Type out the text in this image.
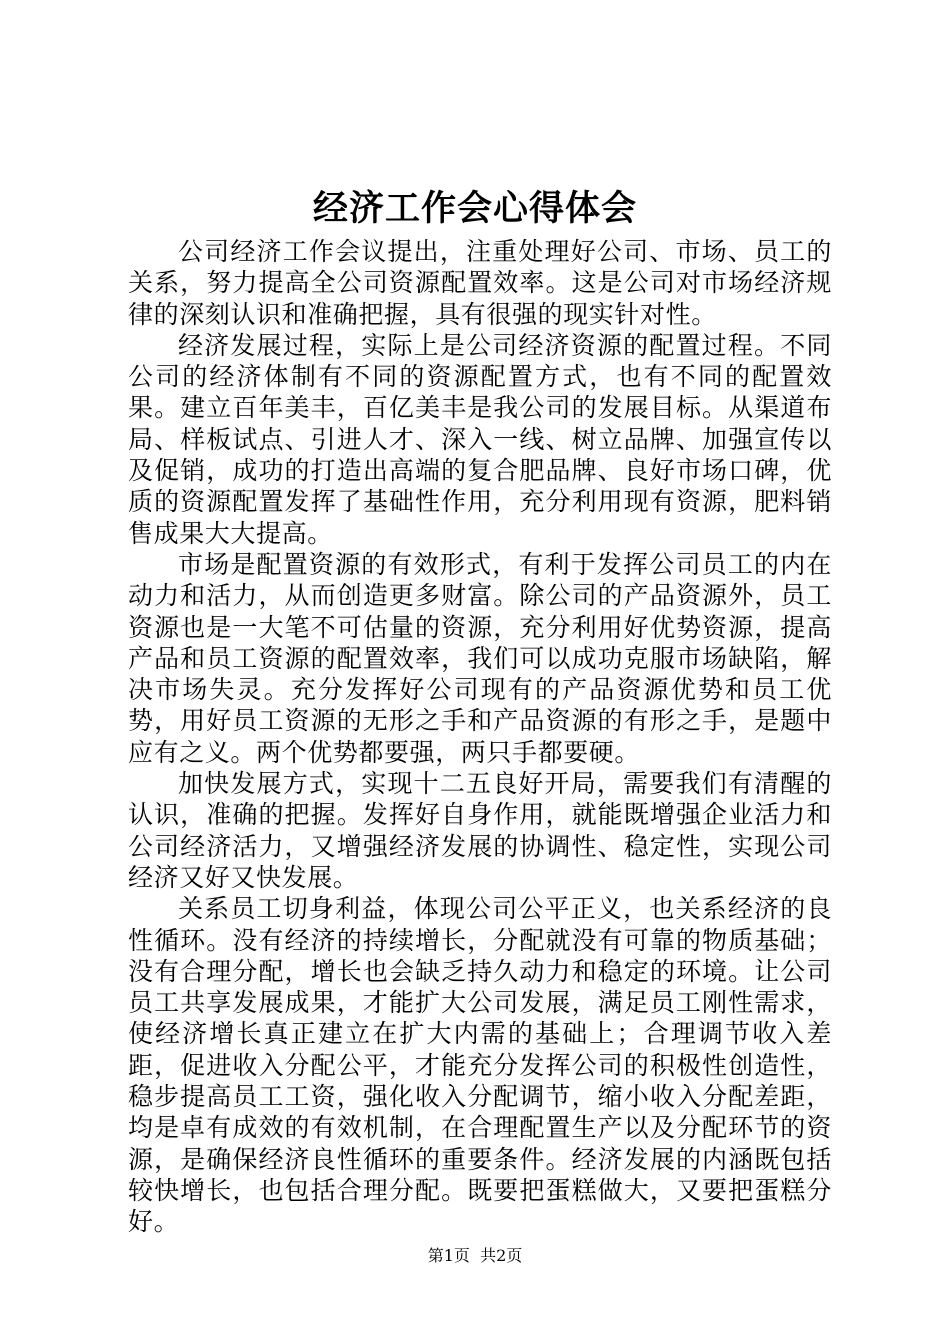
经济工作会心得体会

公司经济工作会议提出，注重处理好公司、市场、员工的关系，努力提高全公司资源配置效率。这是公司对市场经济规律的深刻认识和准确把握，具有很强的现实针对性。

经济发展过程，实际上是公司经济资源的配置过程。不同公司的经济体制有不同的资源配置方式，也有不同的配置效果。建立百年美丰，百亿美丰是我公司的发展目标。从渠道布局、样板试点、引进人才、深入一线、树立品牌、加强宣传以及促销，成功的打造出高端的复合肥品牌、良好市场口碑，优质的资源配置发挥了基础性作用，充分利用现有资源，肥料销售成果大大提高。

市场是配置资源的有效形式，有利于发挥公司员工的内在动力和活力，从而创造更多财富。除公司的产品资源外，员工资源也是一大笔不可估量的资源，充分利用好优势资源，提高产品和员工资源的配置效率，我们可以成功克服市场缺陷，解决市场失灵。充分发挥好公司现有的产品资源优势和员工优势，用好员工资源的无形之手和产品资源的有形之手，是题中应有之义。两个优势都要强，两只手都要硬。

加快发展方式，实现十二五良好开局，需要我们有清醒的认识，准确的把握。发挥好自身作用，就能既增强企业活力和公司经济活力，又增强经济发展的协调性、稳定性，实现公司经济又好又快发展。

关系员工切身利益，体现公司公平正义，也关系经济的良性循环。没有经济的持续增长，分配就没有可靠的物质基础；没有合理分配，增长也会缺乏持久动力和稳定的环境。让公司员工共享发展成果，才能扩大公司发展，满足员工刚性需求，使经济增长真正建立在扩大内需的基础上；合理调节收入差距，促进收入分配公平，才能充分发挥公司的积极性创造性，稳步提高员工工资，强化收入分配调节，缩小收入分配差距，均是卓有成效的有效机制，在合理配置生产以及分配环节的资源，是确保经济良性循环的重要条件。经济发展的内涵既包括较快增长，也包括合理分配。既要把蛋糕做大，又要把蛋糕分好。

第1页 共2页
